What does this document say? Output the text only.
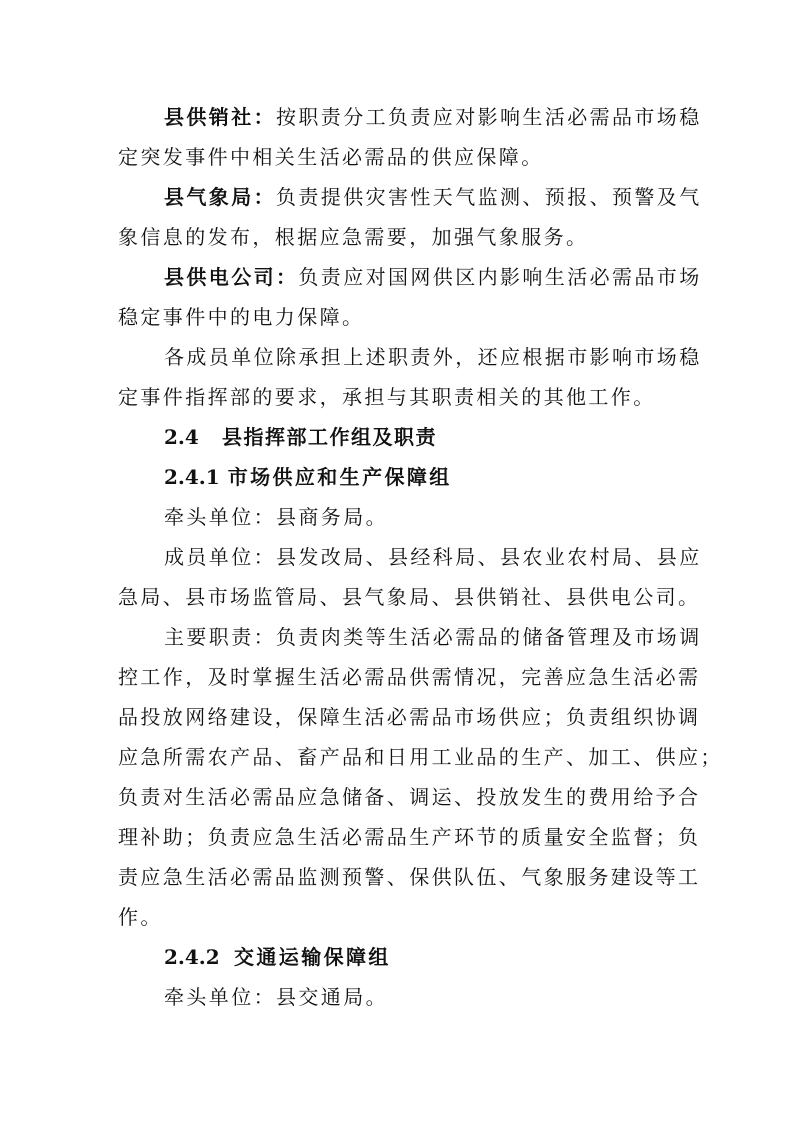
县供销社：按职责分工负责应对影响生活必需品市场稳
定突发事件中相关生活必需品的供应保障。
县气象局：负责提供灾害性天气监测、预报、预警及气
象信息的发布，根据应急需要，加强气象服务。
县供电公司：负责应对国网供区内影响生活必需品市场
稳定事件中的电力保障。
各成员单位除承担上述职责外，还应根据市影响市场稳
定事件指挥部的要求，承担与其职责相关的其他工作。
2.4 县指挥部工作组及职责
2.4.1 市场供应和生产保障组
牵头单位：县商务局。
成员单位：县发改局、县经科局、县农业农村局、县应
急局、县市场监管局、县气象局、县供销社、县供电公司。
主要职责：负责肉类等生活必需品的储备管理及市场调
控工作，及时掌握生活必需品供需情况，完善应急生活必需
品投放网络建设，保障生活必需品市场供应；负责组织协调
应急所需农产品、畜产品和日用工业品的生产、加工、供应；
负责对生活必需品应急储备、调运、投放发生的费用给予合
理补助；负责应急生活必需品生产环节的质量安全监督；负
责应急生活必需品监测预警、保供队伍、气象服务建设等工
作。
2.4.2 交通运输保障组
牵头单位：县交通局。
